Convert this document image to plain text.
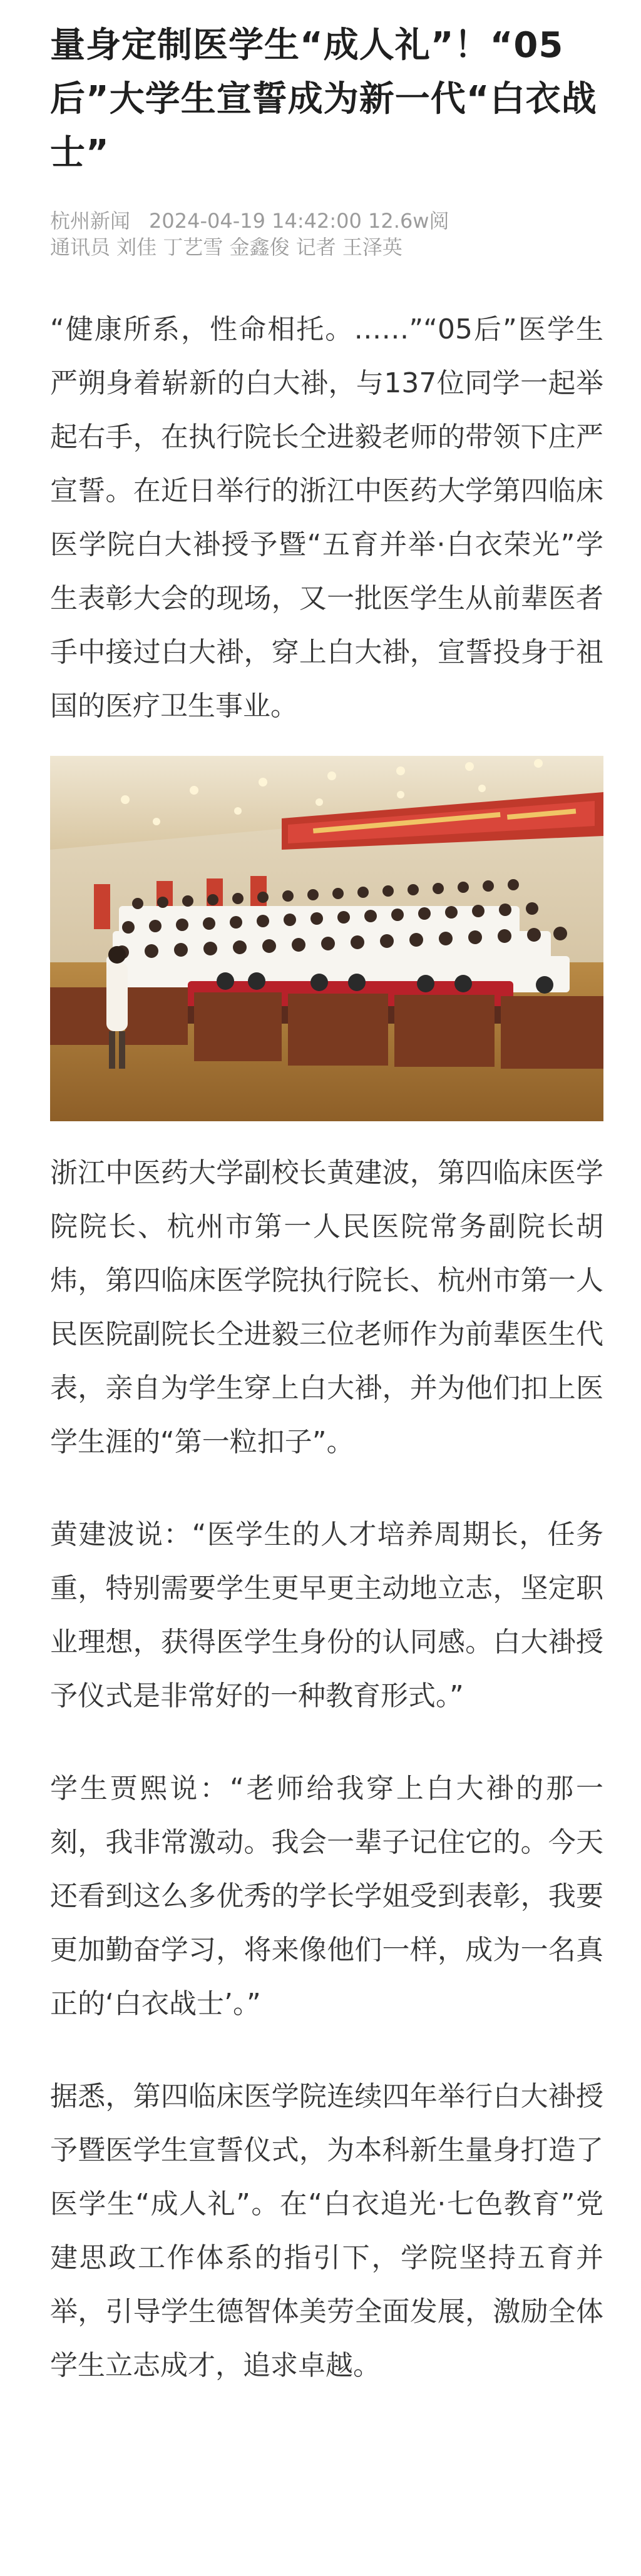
量身定制医学生“成人礼”！“05后”大学生宣誓成为新一代“白衣战士”
杭州新闻 2024-04-19 14:42:00 12.6w阅
通讯员 刘佳 丁艺雪 金鑫俊 记者 王泽英

“健康所系，性命相托。……”“05后”医学生严朔身着崭新的白大褂，与137位同学一起举起右手，在执行院长仝进毅老师的带领下庄严宣誓。在近日举行的浙江中医药大学第四临床医学院白大褂授予暨“五育并举·白衣荣光”学生表彰大会的现场，又一批医学生从前辈医者手中接过白大褂，穿上白大褂，宣誓投身于祖国的医疗卫生事业。

浙江中医药大学副校长黄建波，第四临床医学院院长、杭州市第一人民医院常务副院长胡炜，第四临床医学院执行院长、杭州市第一人民医院副院长仝进毅三位老师作为前辈医生代表，亲自为学生穿上白大褂，并为他们扣上医学生涯的“第一粒扣子”。

黄建波说：“医学生的人才培养周期长，任务重，特别需要学生更早更主动地立志，坚定职业理想，获得医学生身份的认同感。白大褂授予仪式是非常好的一种教育形式。”

学生贾熙说：“老师给我穿上白大褂的那一刻，我非常激动。我会一辈子记住它的。今天还看到这么多优秀的学长学姐受到表彰，我要更加勤奋学习，将来像他们一样，成为一名真正的‘白衣战士’。”

据悉，第四临床医学院连续四年举行白大褂授予暨医学生宣誓仪式，为本科新生量身打造了医学生“成人礼”。在“白衣追光·七色教育”党建思政工作体系的指引下，学院坚持五育并举，引导学生德智体美劳全面发展，激励全体学生立志成才，追求卓越。
